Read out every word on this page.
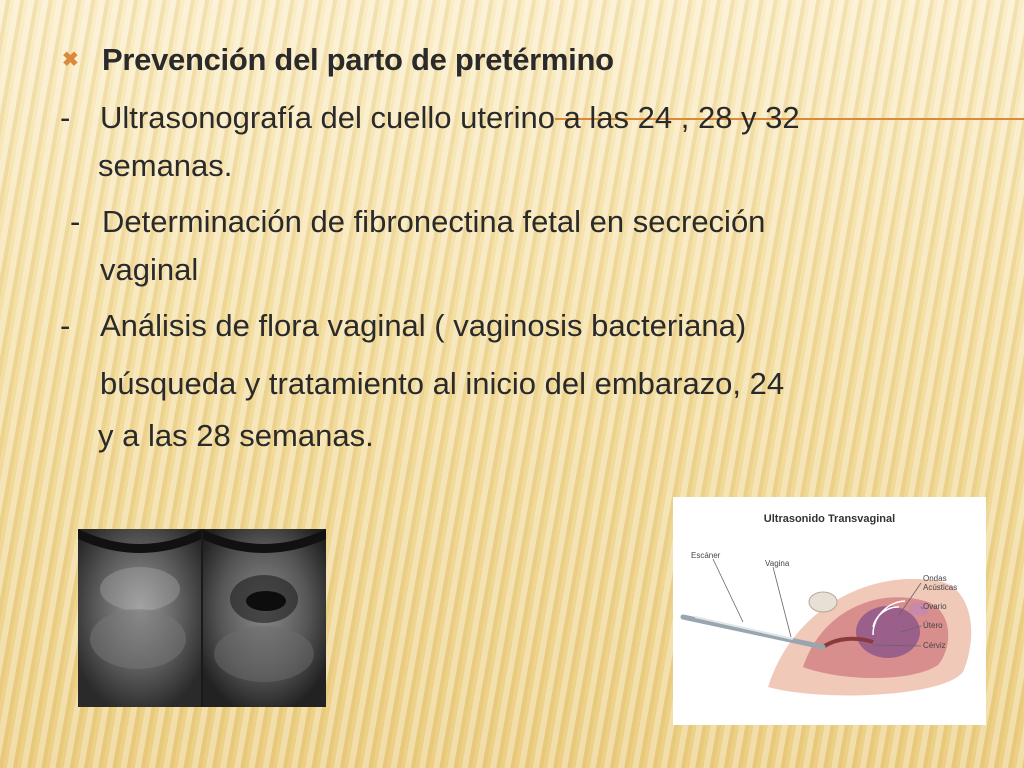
✖ Prevención del parto de pretérmino
- Ultrasonografía del cuello uterino a las 24 , 28 y 32
semanas.
- Determinación de fibronectina fetal en secreción
vaginal
- Análisis de flora vaginal ( vaginosis bacteriana)
búsqueda y tratamiento al inicio del embarazo, 24
y a las 28 semanas.
Ultrasonido Transvaginal
Escáner
Vagina
Ondas Acústicas
Ovario
Útero
Cérviz
